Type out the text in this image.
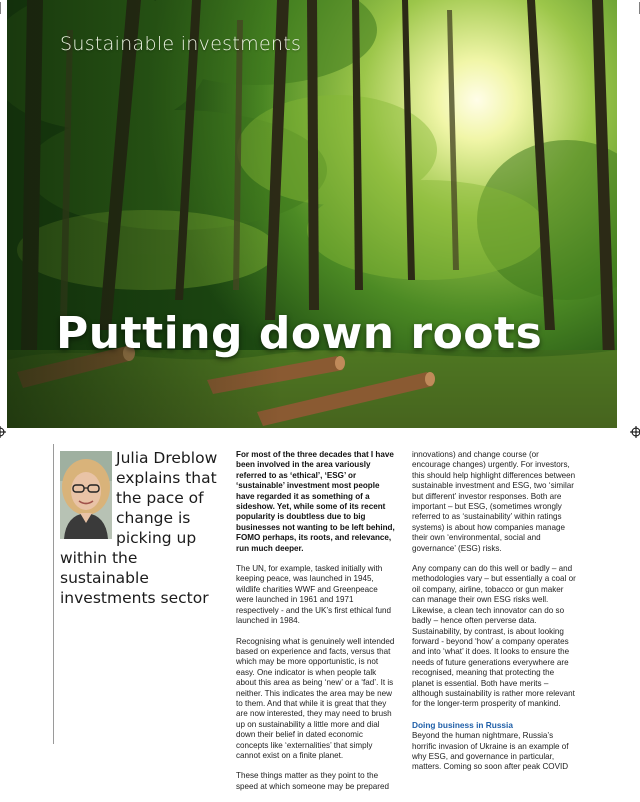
Sustainable investments
Putting down roots
Julia Dreblow explains that the pace of change is picking up within the sustainable investments sector

For most of the three decades that I have been involved in the area variously referred to as ‘ethical’, ‘ESG’ or ‘sustainable’ investment most people have regarded it as something of a sideshow. Yet, while some of its recent popularity is doubtless due to big businesses not wanting to be left behind, FOMO perhaps, its roots, and relevance, run much deeper.

The UN, for example, tasked initially with keeping peace, was launched in 1945, wildlife charities WWF and Greenpeace were launched in 1961 and 1971 respectively - and the UK’s first ethical fund launched in 1984.

Recognising what is genuinely well intended based on experience and facts, versus that which may be more opportunistic, is not easy. One indicator is when people talk about this area as being ‘new’ or a ‘fad’. It is neither. This indicates the area may be new to them. And that while it is great that they are now interested, they may need to brush up on sustainability a little more and dial down their belief in dated economic concepts like ‘externalities’ that simply cannot exist on a finite planet.

These things matter as they point to the speed at which someone may be prepared

innovations) and change course (or encourage changes) urgently. For investors, this should help highlight differences between sustainable investment and ESG, two ‘similar but different’ investor responses. Both are important – but ESG, (sometimes wrongly referred to as ‘sustainability’ within ratings systems) is about how companies manage their own ‘environmental, social and governance’ (ESG) risks.

Any company can do this well or badly – and methodologies vary – but essentially a coal or oil company, airline, tobacco or gun maker can manage their own ESG risks well. Likewise, a clean tech innovator can do so badly – hence often perverse data. Sustainability, by contrast, is about looking forward - beyond ‘how’ a company operates and into ‘what’ it does. It looks to ensure the needs of future generations everywhere are recognised, meaning that protecting the planet is essential. Both have merits – although sustainability is rather more relevant for the longer-term prosperity of mankind.

Doing business in Russia

Beyond the human nightmare, Russia’s horrific invasion of Ukraine is an example of why ESG, and governance in particular, matters. Coming so soon after peak COVID
